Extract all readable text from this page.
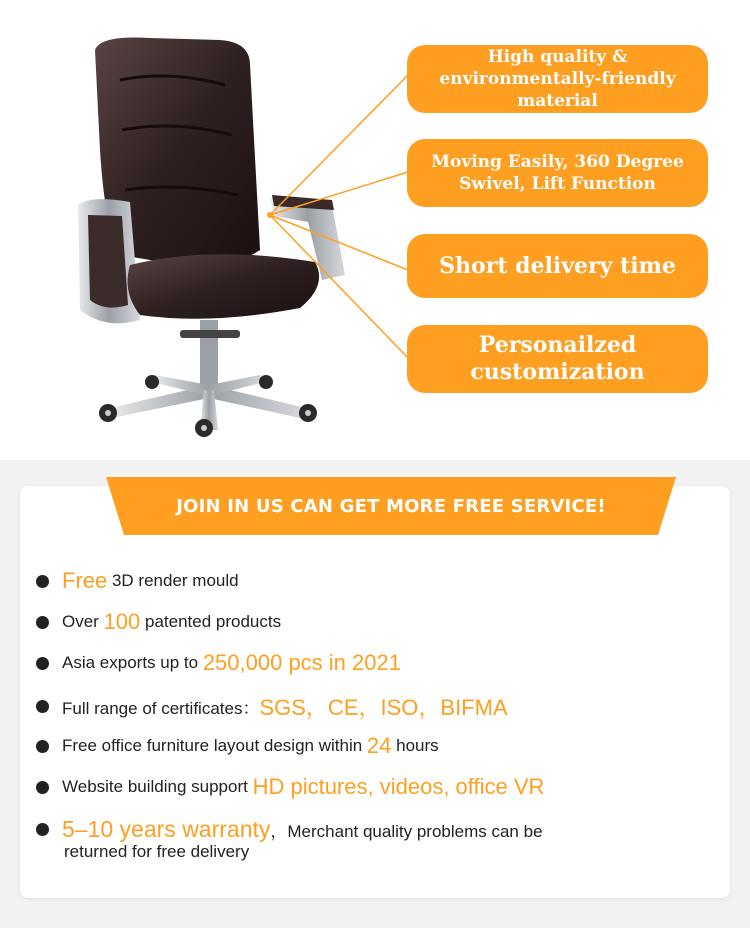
High quality &
environmentally-friendly material
Moving Easily, 360 Degree
Swivel, Lift Function
Short delivery time
Personailzed
customization
JOIN IN US CAN GET MORE FREE SERVICE!
Free 3D render mould
Over 100 patented products
Asia exports up to 250,000 pcs in 2021
Full range of certificates： SGS，CE，ISO，BIFMA
Free office furniture layout design within 24 hours
Website building support HD pictures, videos, office VR
5–10 years warranty ，Merchant quality problems can be
returned for free delivery
